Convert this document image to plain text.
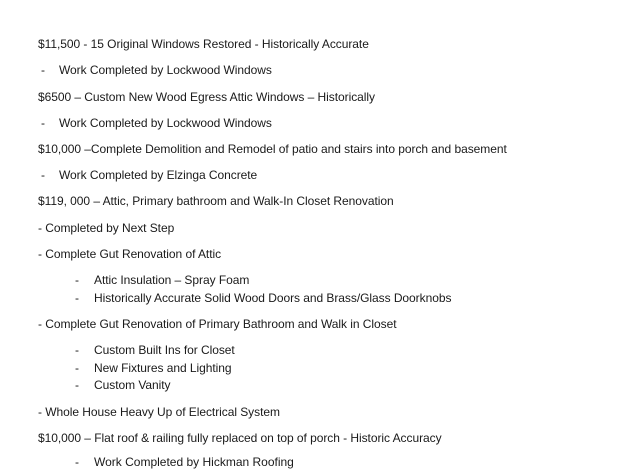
$11,500 - 15 Original Windows Restored - Historically Accurate
- Work Completed by Lockwood Windows
$6500 – Custom New Wood Egress Attic Windows – Historically
- Work Completed by Lockwood Windows
$10,000 –Complete Demolition and Remodel of patio and stairs into porch and basement
- Work Completed by Elzinga Concrete
$119, 000 – Attic, Primary bathroom and Walk-In Closet Renovation
- Completed by Next Step
- Complete Gut Renovation of Attic
- Attic Insulation – Spray Foam
- Historically Accurate Solid Wood Doors and Brass/Glass Doorknobs
- Complete Gut Renovation of Primary Bathroom and Walk in Closet
- Custom Built Ins for Closet
- New Fixtures and Lighting
- Custom Vanity
- Whole House Heavy Up of Electrical System
$10,000 – Flat roof & railing fully replaced on top of porch - Historic Accuracy
- Work Completed by Hickman Roofing
